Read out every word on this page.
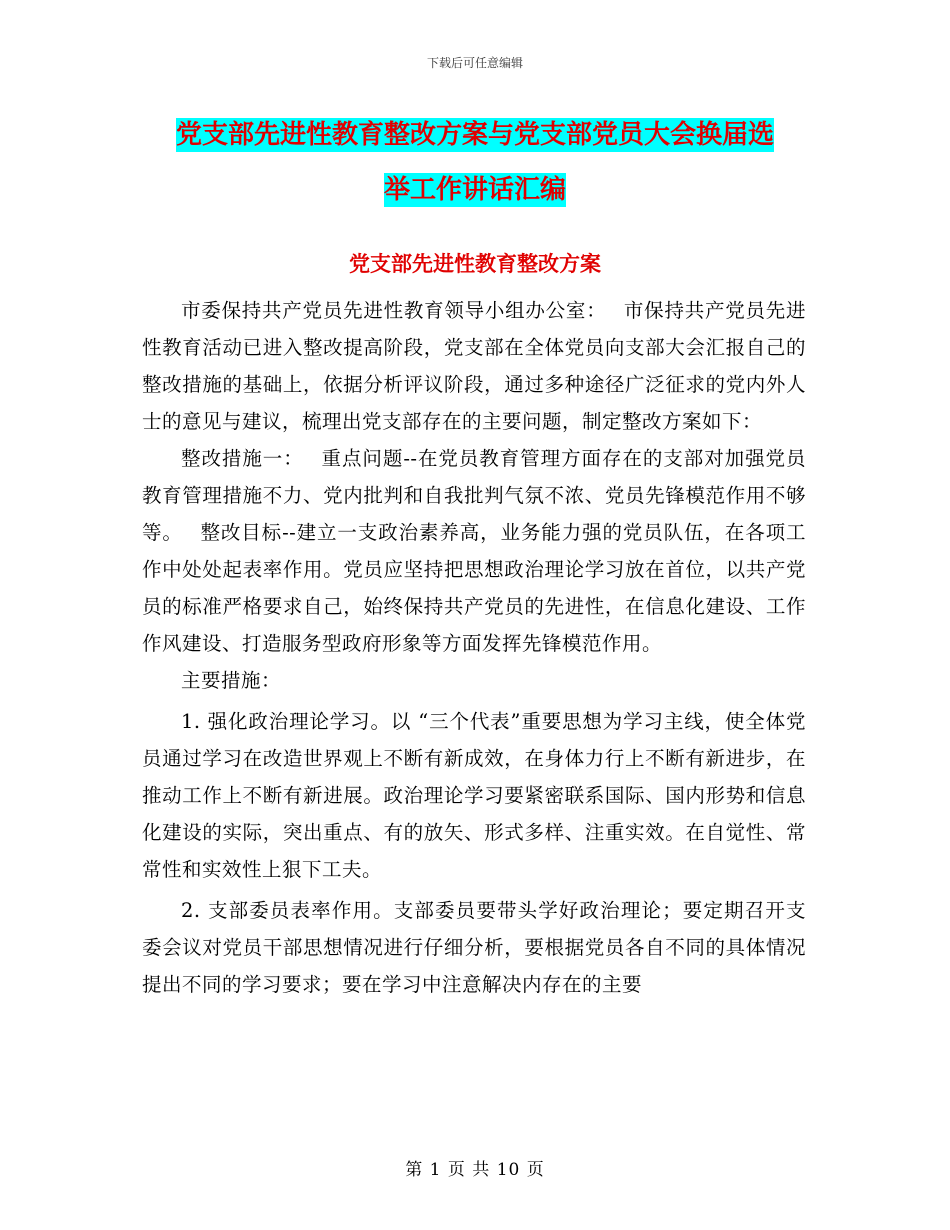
下载后可任意编辑
党支部先进性教育整改方案与党支部党员大会换届选
举工作讲话汇编
党支部先进性教育整改方案

市委保持共产党员先进性教育领导小组办公室：　 市保持共产党员先进性教育活动已进入整改提高阶段，党支部在全体党员向支部大会汇报自己的整改措施的基础上，依据分析评议阶段，通过多种途径广泛征求的党内外人士的意见与建议，梳理出党支部存在的主要问题，制定整改方案如下：

整改措施一：　 重点问题--在党员教育管理方面存在的支部对加强党员教育管理措施不力、党内批判和自我批判气氛不浓、党员先锋模范作用不够等。　 整改目标--建立一支政治素养高，业务能力强的党员队伍，在各项工作中处处起表率作用。党员应坚持把思想政治理论学习放在首位，以共产党员的标准严格要求自己，始终保持共产党员的先进性，在信息化建设、工作作风建设、打造服务型政府形象等方面发挥先锋模范作用。

主要措施：

1. 强化政治理论学习。以 “三个代表”重要思想为学习主线，使全体党员通过学习在改造世界观上不断有新成效，在身体力行上不断有新进步，在推动工作上不断有新进展。政治理论学习要紧密联系国际、国内形势和信息化建设的实际，突出重点、有的放矢、形式多样、注重实效。在自觉性、常常性和实效性上狠下工夫。

2. 支部委员表率作用。支部委员要带头学好政治理论；要定期召开支委会议对党员干部思想情况进行仔细分析，要根据党员各自不同的具体情况提出不同的学习要求；要在学习中注意解决内存在的主要

第 1 页 共 10 页
